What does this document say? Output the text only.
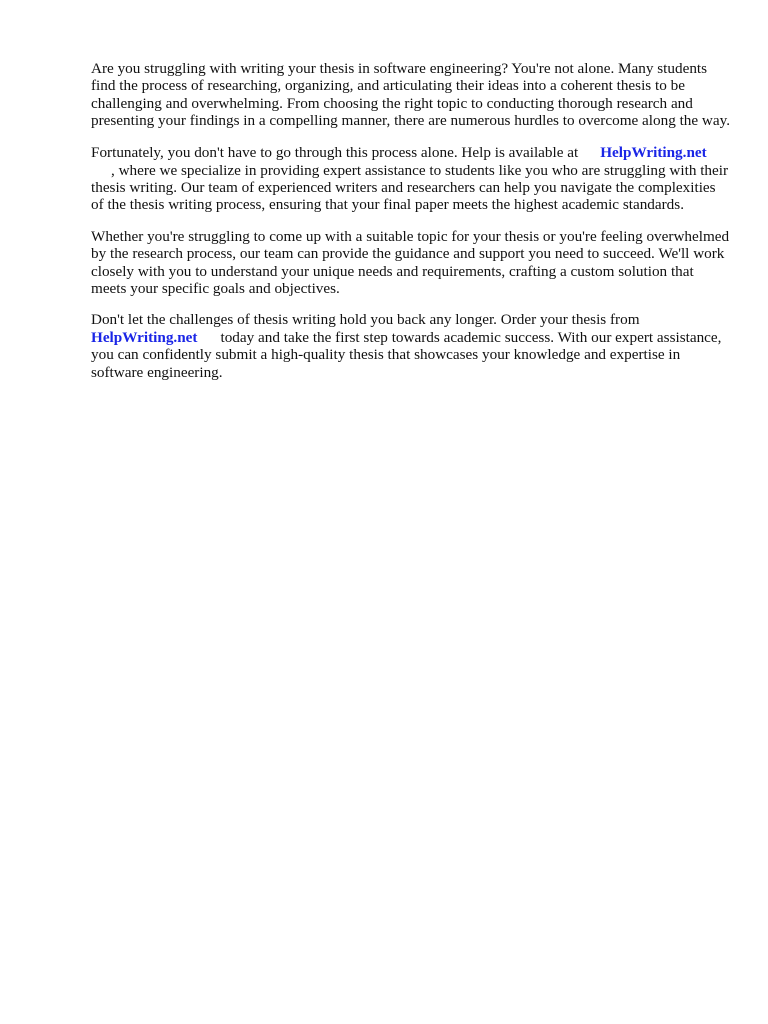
Are you struggling with writing your thesis in software engineering? You're not alone. Many students find the process of researching, organizing, and articulating their ideas into a coherent thesis to be challenging and overwhelming. From choosing the right topic to conducting thorough research and presenting your findings in a compelling manner, there are numerous hurdles to overcome along the way.

Fortunately, you don't have to go through this process alone. Help is available at HelpWriting.net
, where we specialize in providing expert assistance to students like you who are struggling with their thesis writing. Our team of experienced writers and researchers can help you navigate the complexities of the thesis writing process, ensuring that your final paper meets the highest academic standards.

Whether you're struggling to come up with a suitable topic for your thesis or you're feeling overwhelmed by the research process, our team can provide the guidance and support you need to succeed. We'll work closely with you to understand your unique needs and requirements, crafting a custom solution that meets your specific goals and objectives.

Don't let the challenges of thesis writing hold you back any longer. Order your thesis from
HelpWriting.net today and take the first step towards academic success. With our expert assistance, you can confidently submit a high-quality thesis that showcases your knowledge and expertise in software engineering.
